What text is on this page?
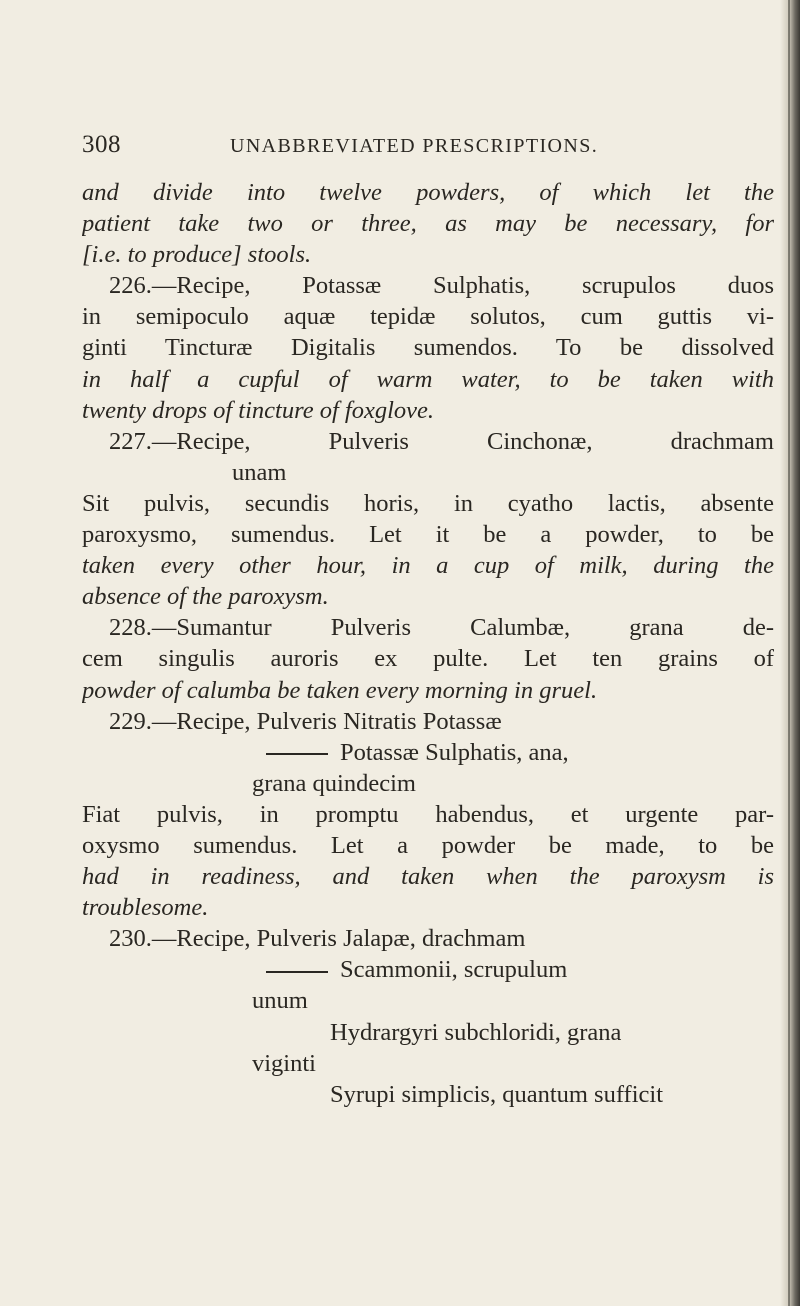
308	UNABBREVIATED PRESCRIPTIONS.
and divide into twelve powders, of which let the
patient take two or three, as may be necessary, for
[i.e. to produce] stools.
226.—Recipe, Potassæ Sulphatis, scrupulos duos
in semipoculo aquæ tepidæ solutos, cum guttis vi-
ginti Tincturæ Digitalis sumendos. To be dissolved
in half a cupful of warm water, to be taken with
twenty drops of tincture of foxglove.
227.—Recipe, Pulveris Cinchonæ, drachmam
unam
Sit pulvis, secundis horis, in cyatho lactis, absente
paroxysmo, sumendus. Let it be a powder, to be
taken every other hour, in a cup of milk, during the
absence of the paroxysm.
228.—Sumantur Pulveris Calumbæ, grana de-
cem singulis auroris ex pulte. Let ten grains of
powder of calumba be taken every morning in gruel.
229.—Recipe, Pulveris Nitratis Potassæ
Potassæ Sulphatis, ana,
grana quindecim
Fiat pulvis, in promptu habendus, et urgente par-
oxysmo sumendus. Let a powder be made, to be
had in readiness, and taken when the paroxysm is
troublesome.
230.—Recipe, Pulveris Jalapæ, drachmam
Scammonii, scrupulum
unum
Hydrargyri subchloridi, grana
viginti
Syrupi simplicis, quantum sufficit
